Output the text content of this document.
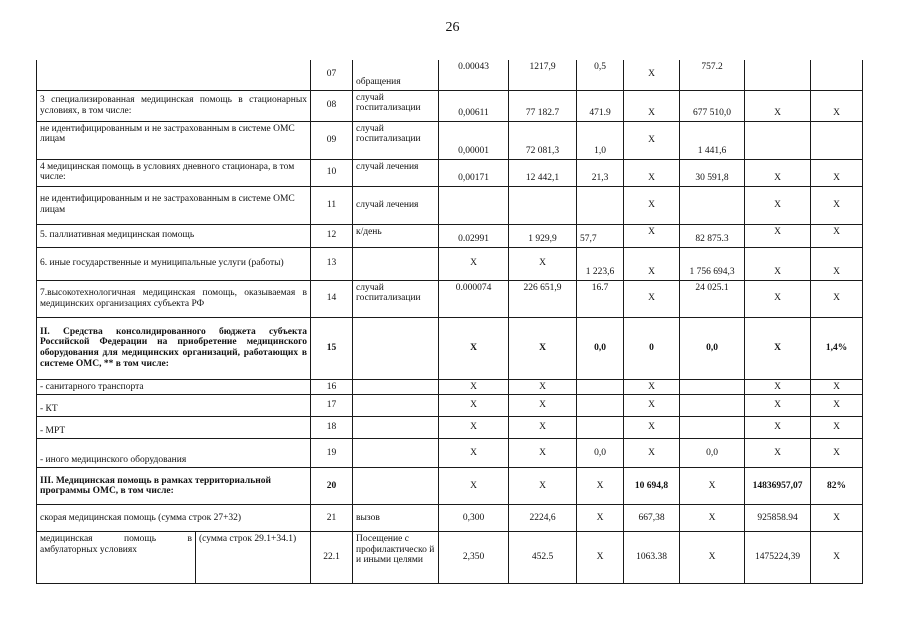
26
		07	обращения	0.00043	1217,9	0,5	X	757.2		
3 специализированная медицинская помощь в стационарных условиях, в том числе:		08	случай госпитализации	0,00611	77 182.7	471.9	X	677 510,0	X	X
не идентифицированным и не застрахованным в системе ОМС лицам		09	случай госпитализации	0,00001	72 081,3	1,0	X	1 441,6		
4 медицинская помощь в условиях дневного стационара, в том числе:		10	случай лечения	0,00171	12 442,1	21,3	X	30 591,8	X	X
не идентифицированным и не застрахованным в системе ОМС лицам		11	случай лечения				X		X	X
5. паллиативная медицинская помощь		12	к/день	0.02991	1 929,9	57,7	X	82 875.3	X	X
6. иные государственные и муниципальные услуги (работы)		13		X	X	1 223,6	X	1 756 694,3	X	X
7.высокотехнологичная медицинская помощь, оказываемая в медицинских организациях субъекта РФ		14	случай госпитализации	0.000074	226 651,9	16.7	X	24 025.1	X	X
II. Средства консолидированного бюджета субъекта Российской Федерации на приобретение медицинского оборудования для медицинских организаций, работающих в системе ОМС, ** в том числе:		15		X	X	0,0	0	0,0	X	1,4%
- санитарного транспорта		16		X	X		X		X	X
- КТ		17		X	X		X		X	X
- МРТ		18		X	X		X		X	X
- иного медицинского оборудования		19		X	X	0,0	X	0,0	X	X
III. Медицинская помощь в рамках территориальной программы ОМС, в том числе:		20		X	X	X	10 694,8	X	14836957,07	82%
скорая медицинская помощь (сумма строк 27+32)		21	вызов	0,300	2224,6	X	667,38	X	925858.94	X
медицинская помощь в амбулаторных условиях	(сумма строк 29.1+34.1)	22.1	Посещение с профилактическо й и иными целями	2,350	452.5	X	1063.38	X	1475224,39	X
